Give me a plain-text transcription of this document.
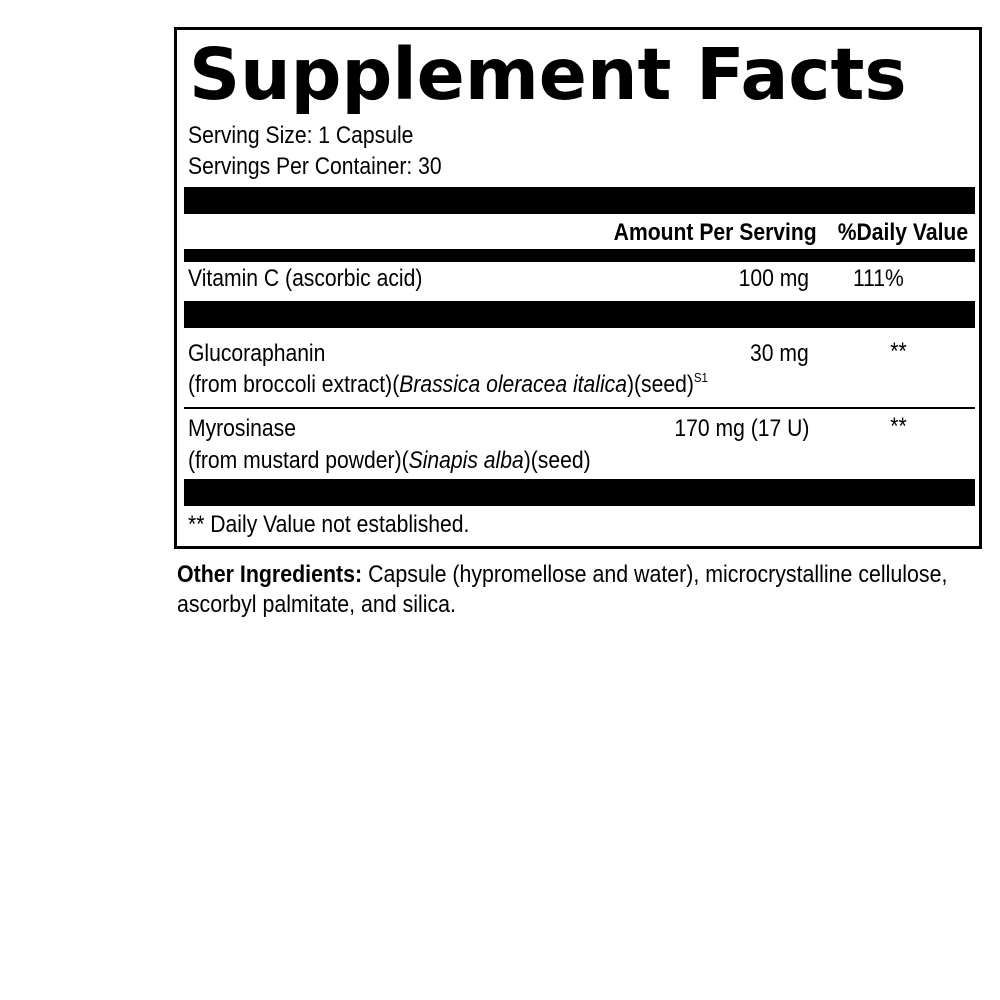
Supplement Facts
Serving Size: 1 Capsule
Servings Per Container: 30
Amount Per Serving %Daily Value
Vitamin C (ascorbic acid)	100 mg 111%
Glucoraphanin	30 mg	**
(from broccoli extract)(Brassica oleracea italica)(seed)$^{S1}$
Myrosinase	170 mg (17 U)	**
(from mustard powder)(Sinapis alba)(seed)
** Daily Value not established.
Other Ingredients: Capsule (hypromellose and water), microcrystalline cellulose, ascorbyl palmitate, and silica.
